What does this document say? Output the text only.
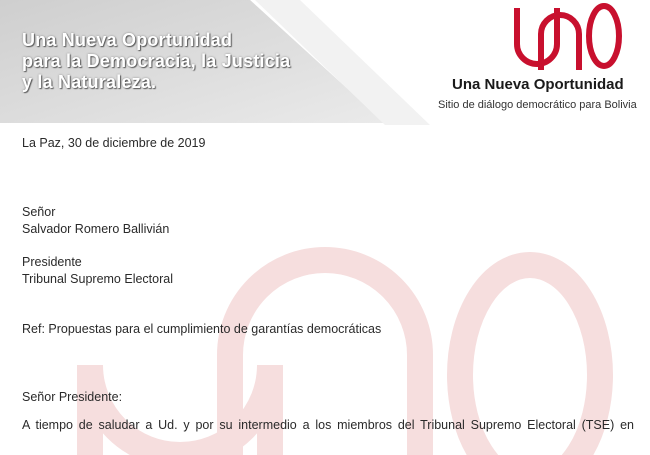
Una Nueva Oportunidad
para la Democracia, la Justicia
y la Naturaleza.	Una Nueva Oportunidad
Sitio de diálogo democrático para Bolivia
La Paz, 30 de diciembre de 2019
Señor
Salvador Romero Ballivián
Presidente
Tribunal Supremo Electoral
Ref: Propuestas para el cumplimiento de garantías democráticas
Señor Presidente:
A tiempo de saludar a Ud. y por su intermedio a los miembros del Tribunal Supremo Electoral (TSE) en
